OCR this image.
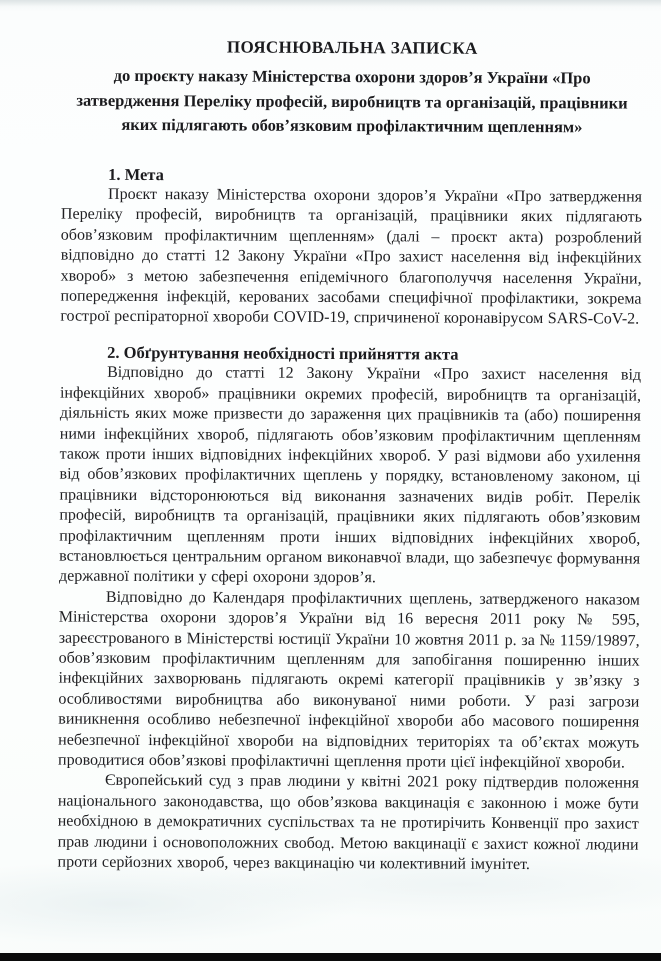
ПОЯСНЮВАЛЬНА ЗАПИСКА

до проєкту наказу Міністерства охорони здоров’я України «Про затвердження Переліку професій, виробництв та організацій, працівники яких підлягають обов’язковим профілактичним щепленням»

1. Мета

Проєкт наказу Міністерства охорони здоров’я України «Про затвердження Переліку професій, виробництв та організацій, працівники яких підлягають обов’язковим профілактичним щепленням» (далі – проєкт акта) розроблений відповідно до статті 12 Закону України «Про захист населення від інфекційних хвороб» з метою забезпечення епідемічного благополуччя населення України, попередження інфекцій, керованих засобами специфічної профілактики, зокрема гострої респіраторної хвороби COVID-19, спричиненої коронавірусом SARS-CoV-2.

2. Обґрунтування необхідності прийняття акта

Відповідно до статті 12 Закону України «Про захист населення від інфекційних хвороб» працівники окремих професій, виробництв та організацій, діяльність яких може призвести до зараження цих працівників та (або) поширення ними інфекційних хвороб, підлягають обов’язковим профілактичним щепленням також проти інших відповідних інфекційних хвороб. У разі відмови або ухилення від обов’язкових профілактичних щеплень у порядку, встановленому законом, ці працівники відсторонюються від виконання зазначених видів робіт. Перелік професій, виробництв та організацій, працівники яких підлягають обов’язковим профілактичним щепленням проти інших відповідних інфекційних хвороб, встановлюється центральним органом виконавчої влади, що забезпечує формування державної політики у сфері охорони здоров’я.

Відповідно до Календаря профілактичних щеплень, затвердженого наказом Міністерства охорони здоров’я України від 16 вересня 2011 року № 595, зареєстрованого в Міністерстві юстиції України 10 жовтня 2011 р. за № 1159/19897, обов’язковим профілактичним щепленням для запобігання поширенню інших інфекційних захворювань підлягають окремі категорії працівників у зв’язку з особливостями виробництва або виконуваної ними роботи. У разі загрози виникнення особливо небезпечної інфекційної хвороби або масового поширення небезпечної інфекційної хвороби на відповідних територіях та об’єктах можуть проводитися обов’язкові профілактичні щеплення проти цієї інфекційної хвороби.

Європейський суд з прав людини у квітні 2021 року підтвердив положення національного законодавства, що обов’язкова вакцинація є законною і може бути необхідною в демократичних суспільствах та не протирічить Конвенції про захист прав людини і основоположних свобод. Метою вакцинації є захист кожної людини проти серйозних хвороб, через вакцинацію чи колективний імунітет.
